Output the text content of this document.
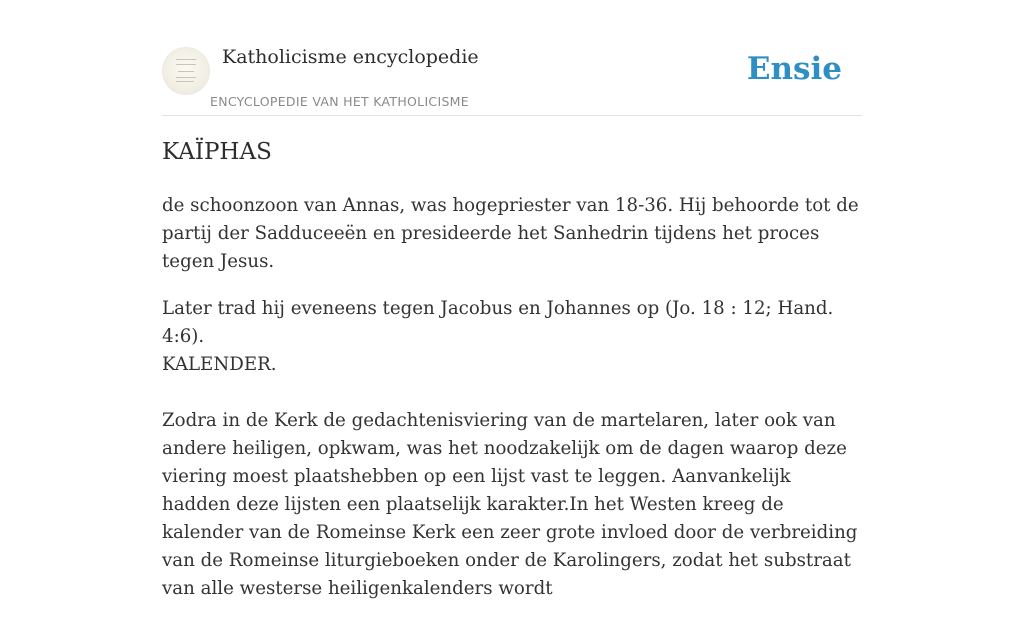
Katholicisme encyclopedie
ENCYCLOPEDIE VAN HET KATHOLICISME
Ensie
KAÏPHAS

de schoonzoon van Annas, was hogepriester van 18-36. Hij behoorde tot de partij der Sadduceeën en presideerde het Sanhedrin tijdens het proces tegen Jesus.

Later trad hij eveneens tegen Jacobus en Johannes op (Jo. 18 : 12; Hand. 4:6).

KALENDER.

Zodra in de Kerk de gedachtenisviering van de martelaren, later ook van andere heiligen, opkwam, was het noodzakelijk om de dagen waarop deze viering moest plaatshebben op een lijst vast te leggen. Aanvankelijk hadden deze lijsten een plaatselijk karakter.In het Westen kreeg de kalender van de Romeinse Kerk een zeer grote invloed door de verbreiding van de Romeinse liturgieboeken onder de Karolingers, zodat het substraat van alle westerse heiligenkalenders wordt
